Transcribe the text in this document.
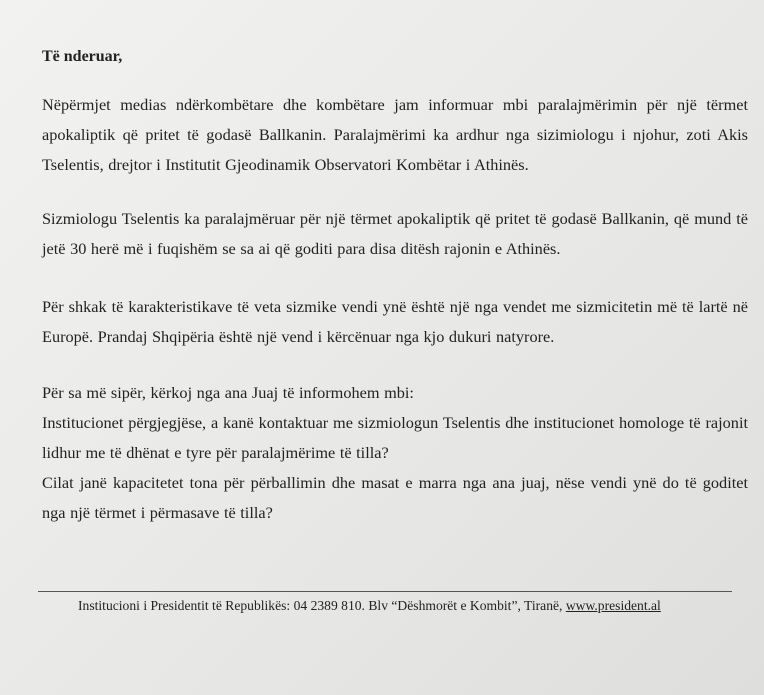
Të nderuar,
Nëpërmjet medias ndërkombëtare dhe kombëtare jam informuar mbi paralajmërimin për një tërmet apokaliptik që pritet të godasë Ballkanin. Paralajmërimi ka ardhur nga sizimiologu i njohur, zoti Akis Tselentis, drejtor i Institutit Gjeodinamik Observatori Kombëtar i Athinës.
Sizmiologu Tselentis ka paralajmëruar për një tërmet apokaliptik që pritet të godasë Ballkanin, që mund të jetë 30 herë më i fuqishëm se sa ai që goditi para disa ditësh rajonin e Athinës.
Për shkak të karakteristikave të veta sizmike vendi ynë është një nga vendet me sizmicitetin më të lartë në Europë. Prandaj Shqipëria është një vend i kërcënuar nga kjo dukuri natyrore.
Për sa më sipër, kërkoj nga ana Juaj të informohem mbi:
Institucionet përgjegjëse, a kanë kontaktuar me sizmiologun Tselentis dhe institucionet homologe të rajonit lidhur me të dhënat e tyre për paralajmërime të tilla?
Cilat janë kapacitetet tona për përballimin dhe masat e marra nga ana juaj, nëse vendi ynë do të goditet nga një tërmet i përmasave të tilla?
Institucioni i Presidentit të Republikës: 04 2389 810. Blv “Dëshmorët e Kombit”, Tiranë, www.president.al
